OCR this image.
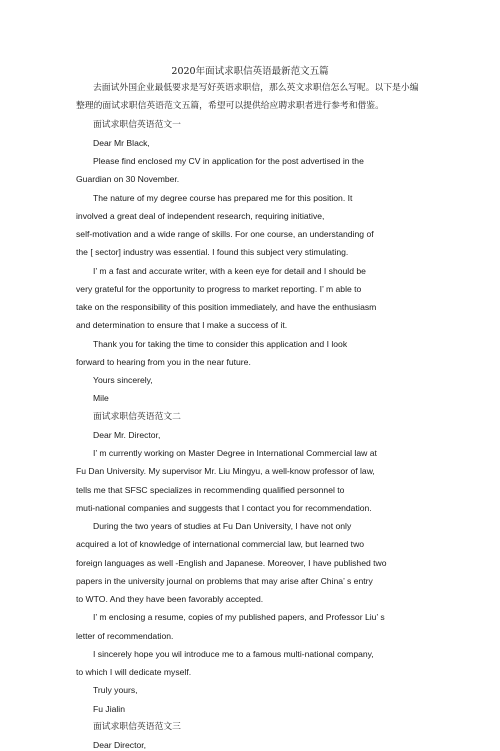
2020年面试求职信英语最新范文五篇
去面试外国企业最低要求是写好英语求职信，那么英文求职信怎么写呢。以下是小编
整理的面试求职信英语范文五篇，希望可以提供给应聘求职者进行参考和借鉴。
面试求职信英语范文一
Dear Mr Black,
Please find enclosed my CV in application for the post advertised in the
Guardian on 30 November.
The nature of my degree course has prepared me for this position. It
involved a great deal of independent research, requiring initiative,
self-motivation and a wide range of skills. For one course, an understanding of
the [ sector] industry was essential. I found this subject very stimulating.
I’ m a fast and accurate writer, with a keen eye for detail and I should be
very grateful for the opportunity to progress to market reporting. I’ m able to
take on the responsibility of this position immediately, and have the enthusiasm
and determination to ensure that I make a success of it.
Thank you for taking the time to consider this application and I look
forward to hearing from you in the near future.
Yours sincerely,
Mile
面试求职信英语范文二
Dear Mr. Director,
I’ m currently working on Master Degree in International Commercial law at
Fu Dan University. My supervisor Mr. Liu Mingyu, a well-know professor of law,
tells me that SFSC specializes in recommending qualified personnel to
muti-national companies and suggests that I contact you for recommendation.
During the two years of studies at Fu Dan University, I have not only
acquired a lot of knowledge of international commercial law, but learned two
foreign languages as well -English and Japanese. Moreover, I have published two
papers in the university journal on problems that may arise after China’ s entry
to WTO. And they have been favorably accepted.
I’ m enclosing a resume, copies of my published papers, and Professor Liu’ s
letter of recommendation.
I sincerely hope you wil introduce me to a famous multi-national company,
to which I will dedicate myself.
Truly yours,
Fu Jialin
面试求职信英语范文三
Dear Director,
